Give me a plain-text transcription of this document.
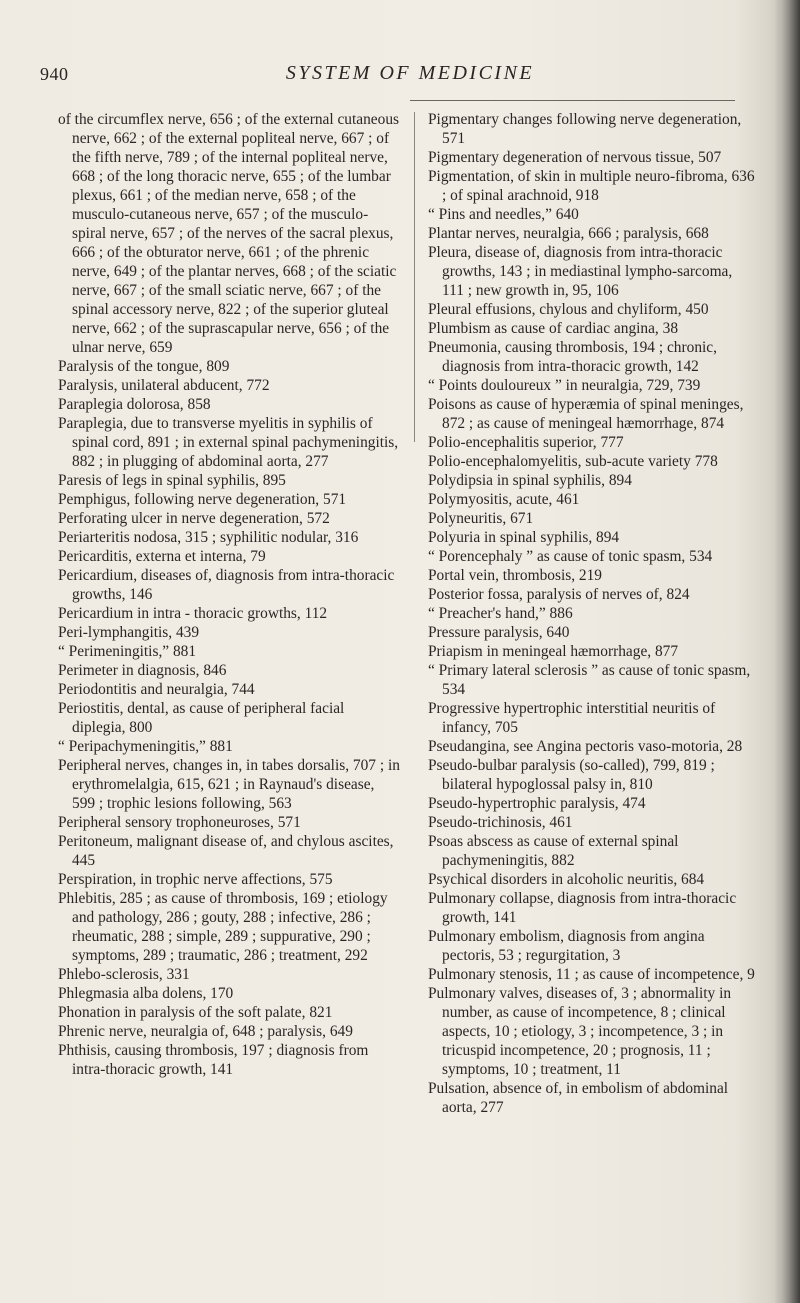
940	SYSTEM OF MEDICINE

of the circumflex nerve, 656 ; of the external cutaneous nerve, 662 ; of the external popliteal nerve, 667 ; of the fifth nerve, 789 ; of the internal popliteal nerve, 668 ; of the long thoracic nerve, 655 ; of the lumbar plexus, 661 ; of the median nerve, 658 ; of the musculo-cutaneous nerve, 657 ; of the musculo-spiral nerve, 657 ; of the nerves of the sacral plexus, 666 ; of the obturator nerve, 661 ; of the phrenic nerve, 649 ; of the plantar nerves, 668 ; of the sciatic nerve, 667 ; of the small sciatic nerve, 667 ; of the spinal accessory nerve, 822 ; of the superior gluteal nerve, 662 ; of the suprascapular nerve, 656 ; of the ulnar nerve, 659

Paralysis of the tongue, 809

Paralysis, unilateral abducent, 772

Paraplegia dolorosa, 858

Paraplegia, due to transverse myelitis in syphilis of spinal cord, 891 ; in external spinal pachymeningitis, 882 ; in plugging of abdominal aorta, 277

Paresis of legs in spinal syphilis, 895

Pemphigus, following nerve degeneration, 571

Perforating ulcer in nerve degeneration, 572

Periarteritis nodosa, 315 ; syphilitic nodular, 316

Pericarditis, externa et interna, 79

Pericardium, diseases of, diagnosis from intra-thoracic growths, 146

Pericardium in intra - thoracic growths, 112

Peri-lymphangitis, 439

“ Perimeningitis,” 881

Perimeter in diagnosis, 846

Periodontitis and neuralgia, 744

Periostitis, dental, as cause of peripheral facial diplegia, 800

“ Peripachymeningitis,” 881

Peripheral nerves, changes in, in tabes dorsalis, 707 ; in erythromelalgia, 615, 621 ; in Raynaud's disease, 599 ; trophic lesions following, 563

Peripheral sensory trophoneuroses, 571

Peritoneum, malignant disease of, and chylous ascites, 445

Perspiration, in trophic nerve affections, 575

Phlebitis, 285 ; as cause of thrombosis, 169 ; etiology and pathology, 286 ; gouty, 288 ; infective, 286 ; rheumatic, 288 ; simple, 289 ; suppurative, 290 ; symptoms, 289 ; traumatic, 286 ; treatment, 292

Phlebo-sclerosis, 331

Phlegmasia alba dolens, 170

Phonation in paralysis of the soft palate, 821

Phrenic nerve, neuralgia of, 648 ; paralysis, 649

Phthisis, causing thrombosis, 197 ; diagnosis from intra-thoracic growth, 141

Pigmentary changes following nerve degeneration, 571

Pigmentary degeneration of nervous tissue, 507

Pigmentation, of skin in multiple neuro-fibroma, 636 ; of spinal arachnoid, 918

“ Pins and needles,” 640

Plantar nerves, neuralgia, 666 ; paralysis, 668

Pleura, disease of, diagnosis from intra-thoracic growths, 143 ; in mediastinal lympho-sarcoma, 111 ; new growth in, 95, 106

Pleural effusions, chylous and chyliform, 450

Plumbism as cause of cardiac angina, 38

Pneumonia, causing thrombosis, 194 ; chronic, diagnosis from intra-thoracic growth, 142

“ Points douloureux ” in neuralgia, 729, 739

Poisons as cause of hyperæmia of spinal meninges, 872 ; as cause of meningeal hæmorrhage, 874

Polio-encephalitis superior, 777

Polio-encephalomyelitis, sub-acute variety 778

Polydipsia in spinal syphilis, 894

Polymyositis, acute, 461

Polyneuritis, 671

Polyuria in spinal syphilis, 894

“ Porencephaly ” as cause of tonic spasm, 534

Portal vein, thrombosis, 219

Posterior fossa, paralysis of nerves of, 824

“ Preacher's hand,” 886

Pressure paralysis, 640

Priapism in meningeal hæmorrhage, 877

“ Primary lateral sclerosis ” as cause of tonic spasm, 534

Progressive hypertrophic interstitial neuritis of infancy, 705

Pseudangina, see Angina pectoris vaso-motoria, 28

Pseudo-bulbar paralysis (so-called), 799, 819 ; bilateral hypoglossal palsy in, 810

Pseudo-hypertrophic paralysis, 474

Pseudo-trichinosis, 461

Psoas abscess as cause of external spinal pachymeningitis, 882

Psychical disorders in alcoholic neuritis, 684

Pulmonary collapse, diagnosis from intra-thoracic growth, 141

Pulmonary embolism, diagnosis from angina pectoris, 53 ; regurgitation, 3

Pulmonary stenosis, 11 ; as cause of incompetence, 9

Pulmonary valves, diseases of, 3 ; abnormality in number, as cause of incompetence, 8 ; clinical aspects, 10 ; etiology, 3 ; incompetence, 3 ; in tricuspid incompetence, 20 ; prognosis, 11 ; symptoms, 10 ; treatment, 11

Pulsation, absence of, in embolism of abdominal aorta, 277
